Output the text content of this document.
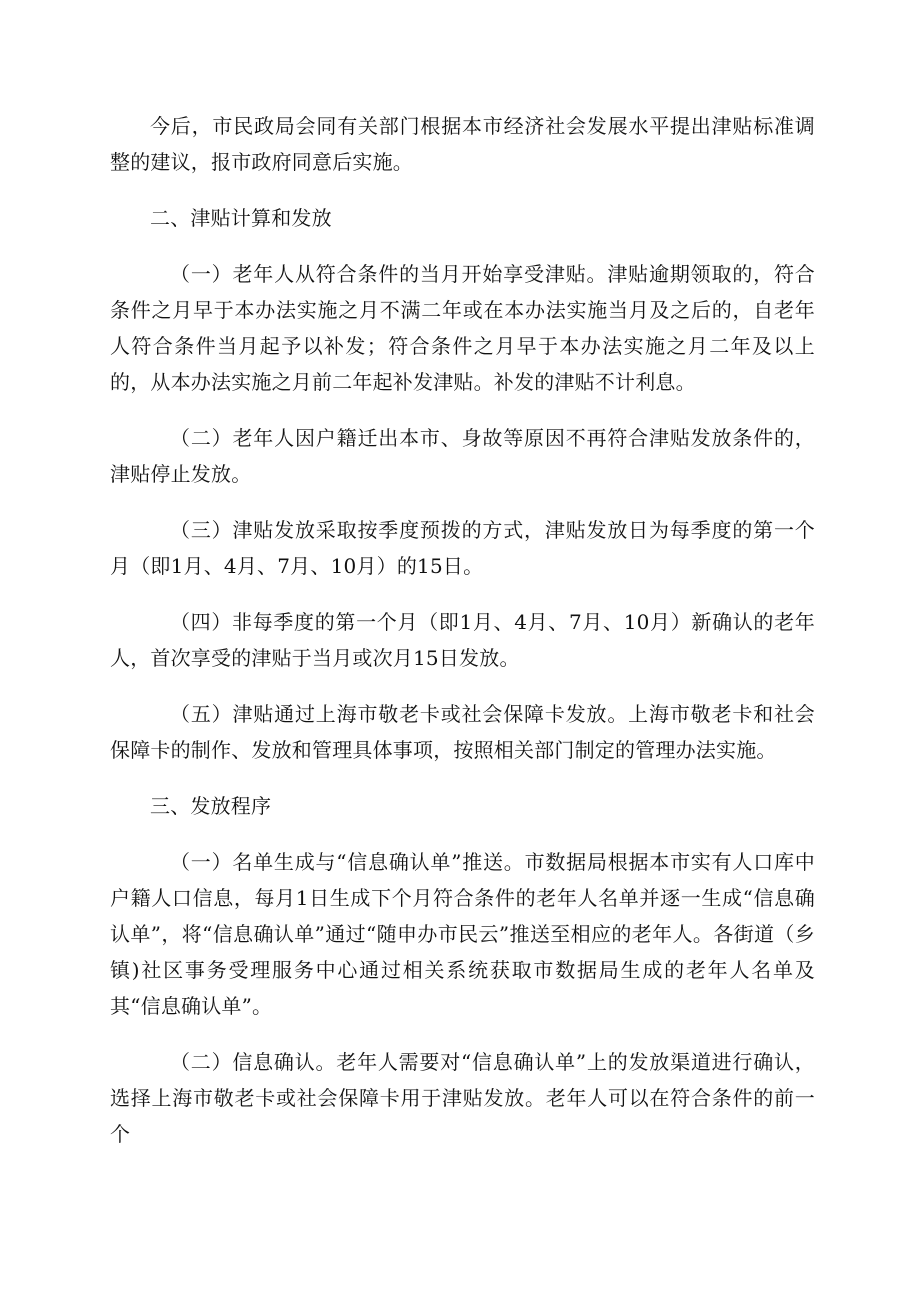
今后，市民政局会同有关部门根据本市经济社会发展水平提出津贴标准调整的建议，报市政府同意后实施。

二、津贴计算和发放

（一）老年人从符合条件的当月开始享受津贴。津贴逾期领取的，符合条件之月早于本办法实施之月不满二年或在本办法实施当月及之后的，自老年人符合条件当月起予以补发；符合条件之月早于本办法实施之月二年及以上的，从本办法实施之月前二年起补发津贴。补发的津贴不计利息。

（二）老年人因户籍迁出本市、身故等原因不再符合津贴发放条件的，津贴停止发放。

（三）津贴发放采取按季度预拨的方式，津贴发放日为每季度的第一个月（即1月、4月、7月、10月）的15日。

（四）非每季度的第一个月（即1月、4月、7月、10月）新确认的老年人，首次享受的津贴于当月或次月15日发放。

（五）津贴通过上海市敬老卡或社会保障卡发放。上海市敬老卡和社会保障卡的制作、发放和管理具体事项，按照相关部门制定的管理办法实施。

三、发放程序

（一）名单生成与“信息确认单”推送。市数据局根据本市实有人口库中户籍人口信息，每月1日生成下个月符合条件的老年人名单并逐一生成“信息确认单”，将“信息确认单”通过“随申办市民云”推送至相应的老年人。各街道（乡镇)社区事务受理服务中心通过相关系统获取市数据局生成的老年人名单及其“信息确认单”。

（二）信息确认。老年人需要对“信息确认单”上的发放渠道进行确认，选择上海市敬老卡或社会保障卡用于津贴发放。老年人可以在符合条件的前一个
